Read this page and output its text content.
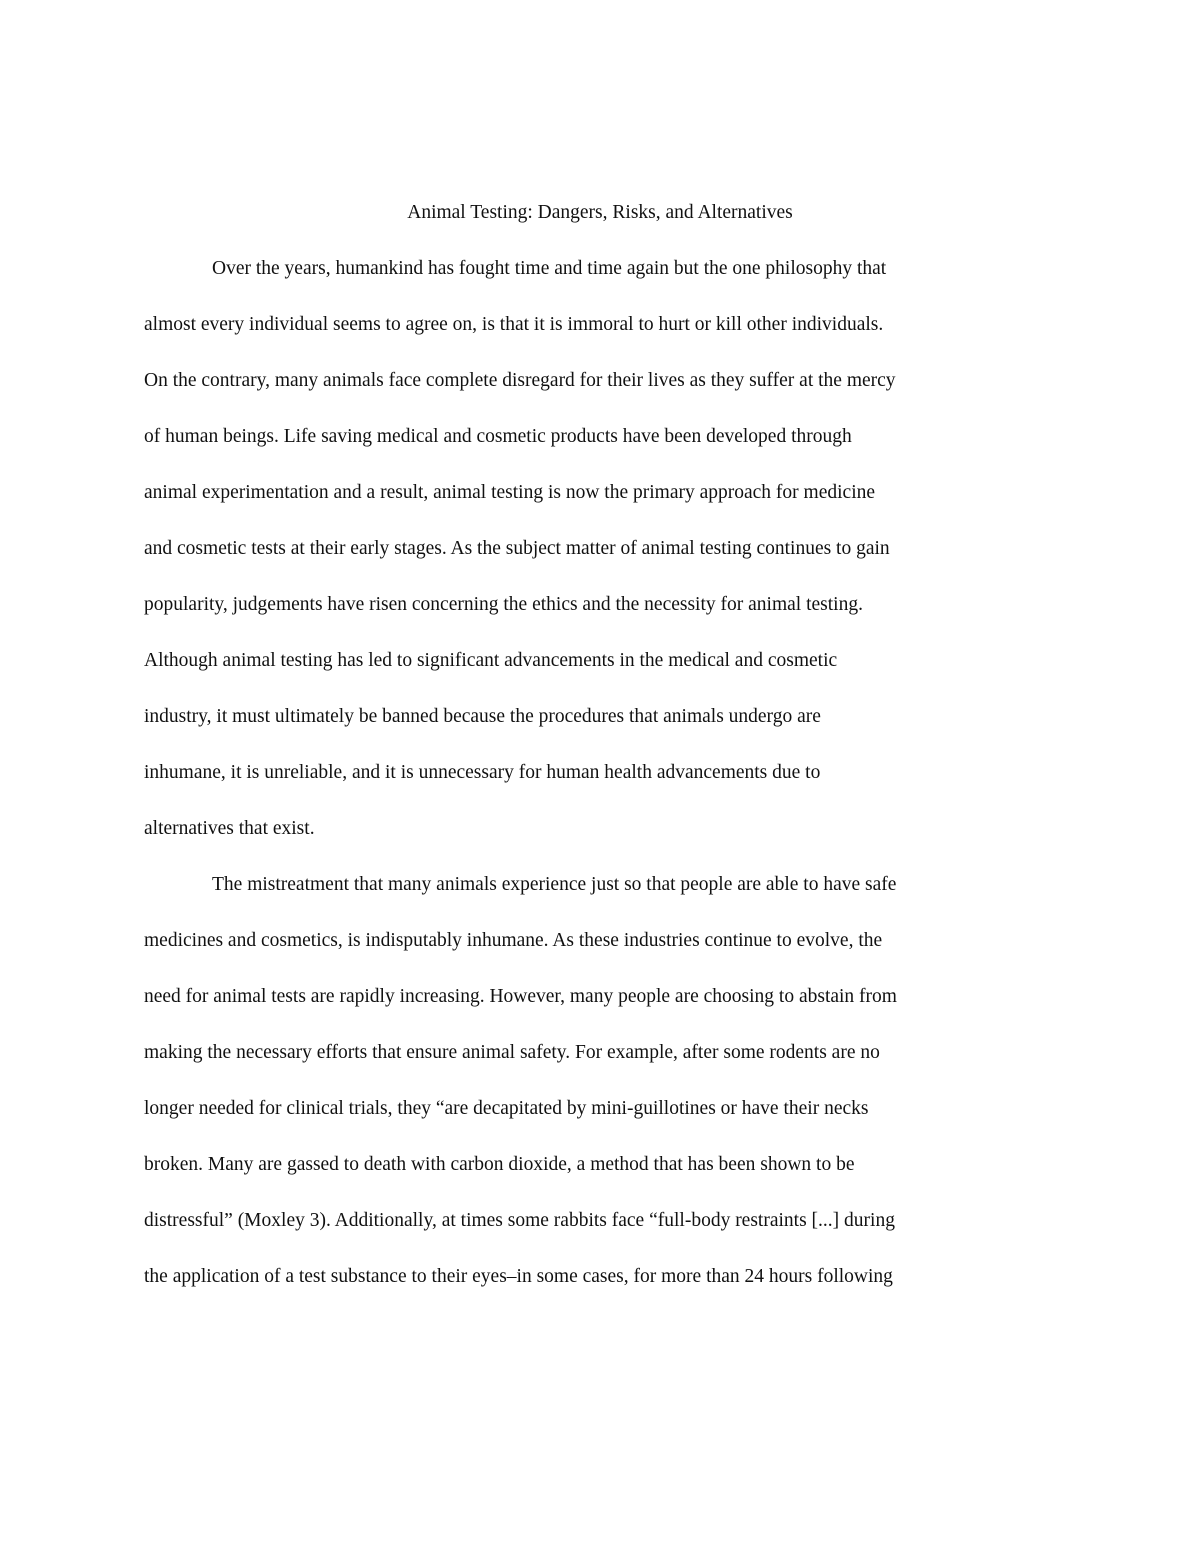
Animal Testing: Dangers, Risks, and Alternatives

Over the years, humankind has fought time and time again but the one philosophy that

almost every individual seems to agree on, is that it is immoral to hurt or kill other individuals.

On the contrary, many animals face complete disregard for their lives as they suffer at the mercy

of human beings. Life saving medical and cosmetic products have been developed through

animal experimentation and a result, animal testing is now the primary approach for medicine

and cosmetic tests at their early stages. As the subject matter of animal testing continues to gain

popularity, judgements have risen concerning the ethics and the necessity for animal testing.

Although animal testing has led to significant advancements in the medical and cosmetic

industry, it must ultimately be banned because the procedures that animals undergo are

inhumane, it is unreliable, and it is unnecessary for human health advancements due to

alternatives that exist.

The mistreatment that many animals experience just so that people are able to have safe

medicines and cosmetics, is indisputably inhumane. As these industries continue to evolve, the

need for animal tests are rapidly increasing. However, many people are choosing to abstain from

making the necessary efforts that ensure animal safety. For example, after some rodents are no

longer needed for clinical trials, they “are decapitated by mini-guillotines or have their necks

broken. Many are gassed to death with carbon dioxide, a method that has been shown to be

distressful” (Moxley 3). Additionally, at times some rabbits face “full-body restraints [...] during

the application of a test substance to their eyes–in some cases, for more than 24 hours following
